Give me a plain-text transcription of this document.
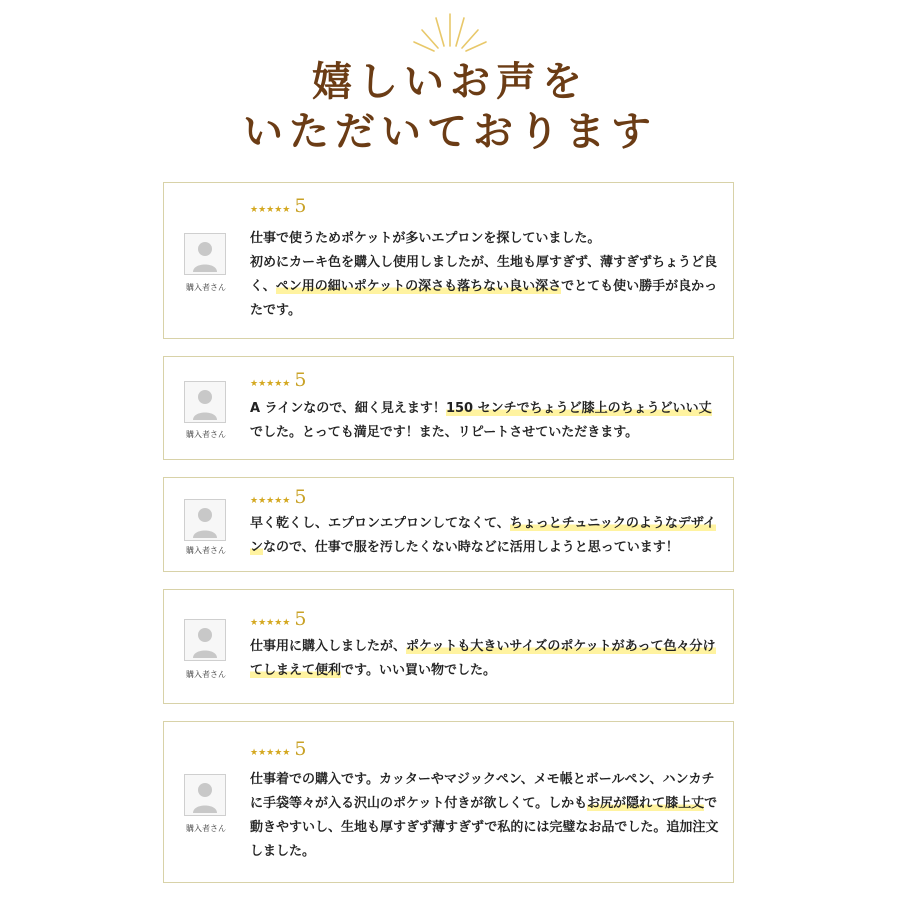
嬉しいお声を
いただいております
購入者さん
★★★★★ 5
仕事で使うためポケットが多いエプロンを探していました。
初めにカーキ色を購入し使用しましたが、生地も厚すぎず、薄すぎずちょうど良く、ペン用の細いポケットの深さも落ちない良い深さでとても使い勝手が良かったです。
購入者さん
★★★★★ 5
A ラインなので、細く見えます！150 センチでちょうど膝上のちょうどいい丈でした。とっても満足です！また、リピートさせていただきます。
購入者さん
★★★★★ 5
早く乾くし、エプロンエプロンしてなくて、ちょっとチュニックのようなデザインなので、仕事で服を汚したくない時などに活用しようと思っています！
購入者さん
★★★★★ 5
仕事用に購入しましたが、ポケットも大きいサイズのポケットがあって色々分けてしまえて便利です。いい買い物でした。
購入者さん
★★★★★ 5
仕事着での購入です。カッターやマジックペン、メモ帳とボールペン、ハンカチに手袋等々が入る沢山のポケット付きが欲しくて。しかもお尻が隠れて膝上丈で動きやすいし、生地も厚すぎず薄すぎずで私的には完璧なお品でした。追加注文しました。
